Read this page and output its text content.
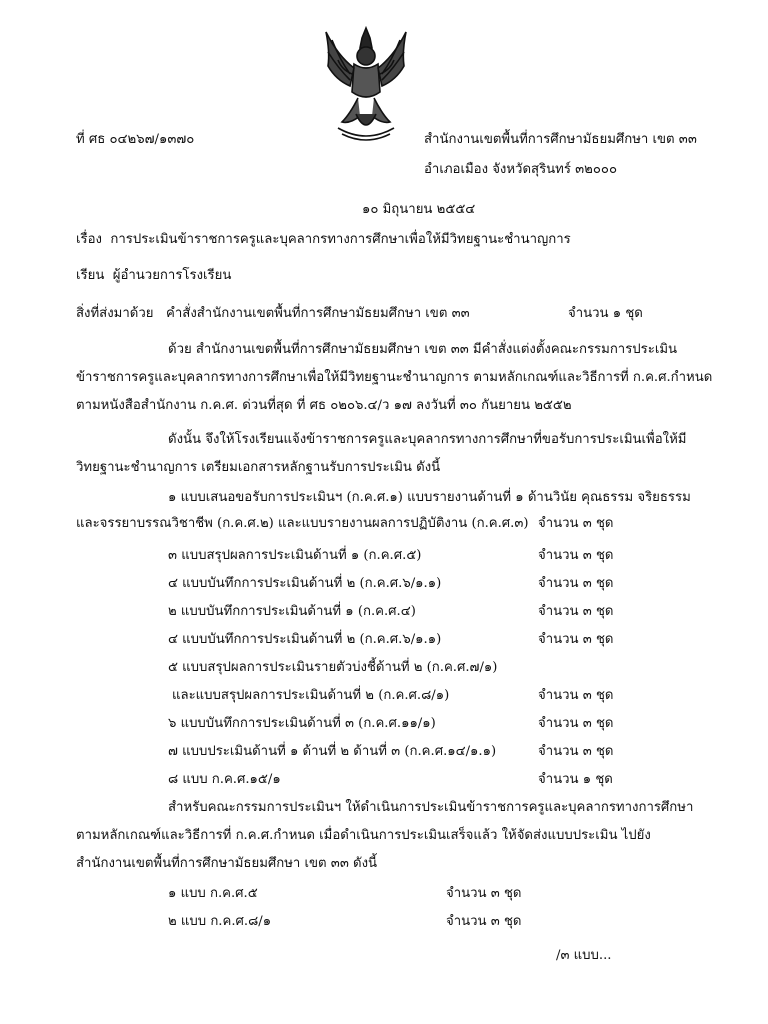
ที่ ศธ ๐๔๒๖๗/๑๓๗๐	สำนักงานเขตพื้นที่การศึกษามัธยมศึกษา เขต ๓๓
อำเภอเมือง จังหวัดสุรินทร์ ๓๒๐๐๐
๑๐ มิถุนายน ๒๕๕๔
เรื่อง การประเมินข้าราชการครูและบุคลากรทางการศึกษาเพื่อให้มีวิทยฐานะชำนาญการ
เรียน ผู้อำนวยการโรงเรียน
สิ่งที่ส่งมาด้วย คำสั่งสำนักงานเขตพื้นที่การศึกษามัธยมศึกษา เขต ๓๓	จำนวน ๑ ชุด
ด้วย สำนักงานเขตพื้นที่การศึกษามัธยมศึกษา เขต ๓๓ มีคำสั่งแต่งตั้งคณะกรรมการประเมิน
ข้าราชการครูและบุคลากรทางการศึกษาเพื่อให้มีวิทยฐานะชำนาญการ ตามหลักเกณฑ์และวิธีการที่ ก.ค.ศ.กำหนด
ตามหนังสือสำนักงาน ก.ค.ศ. ด่วนที่สุด ที่ ศธ ๐๒๐๖.๔/ว ๑๗ ลงวันที่ ๓๐ กันยายน ๒๕๕๒
ดังนั้น จึงให้โรงเรียนแจ้งข้าราชการครูและบุคลากรทางการศึกษาที่ขอรับการประเมินเพื่อให้มี
วิทยฐานะชำนาญการ เตรียมเอกสารหลักฐานรับการประเมิน ดังนี้
๑ แบบเสนอขอรับการประเมินฯ (ก.ค.ศ.๑) แบบรายงานด้านที่ ๑ ด้านวินัย คุณธรรม จริยธรรม
และจรรยาบรรณวิชาชีพ (ก.ค.ศ.๒) และแบบรายงานผลการปฏิบัติงาน (ก.ค.ศ.๓) จำนวน ๓ ชุด
๓ แบบสรุปผลการประเมินด้านที่ ๑ (ก.ค.ศ.๕)	จำนวน ๓ ชุด
๔ แบบบันทึกการประเมินด้านที่ ๒ (ก.ค.ศ.๖/๑.๑)	จำนวน ๓ ชุด
๒ แบบบันทึกการประเมินด้านที่ ๑ (ก.ค.ศ.๔)	จำนวน ๓ ชุด
๔ แบบบันทึกการประเมินด้านที่ ๒ (ก.ค.ศ.๖/๑.๑)	จำนวน ๓ ชุด
๕ แบบสรุปผลการประเมินรายตัวบ่งชี้ด้านที่ ๒ (ก.ค.ศ.๗/๑)
และแบบสรุปผลการประเมินด้านที่ ๒ (ก.ค.ศ.๘/๑)	จำนวน ๓ ชุด
๖ แบบบันทึกการประเมินด้านที่ ๓ (ก.ค.ศ.๑๑/๑)	จำนวน ๓ ชุด
๗ แบบประเมินด้านที่ ๑ ด้านที่ ๒ ด้านที่ ๓ (ก.ค.ศ.๑๔/๑.๑)	จำนวน ๓ ชุด
๘ แบบ ก.ค.ศ.๑๕/๑	จำนวน ๑ ชุด
สำหรับคณะกรรมการประเมินฯ ให้ดำเนินการประเมินข้าราชการครูและบุคลากรทางการศึกษา
ตามหลักเกณฑ์และวิธีการที่ ก.ค.ศ.กำหนด เมื่อดำเนินการประเมินเสร็จแล้ว ให้จัดส่งแบบประเมิน ไปยัง
สำนักงานเขตพื้นที่การศึกษามัธยมศึกษา เขต ๓๓ ดังนี้
๑ แบบ ก.ค.ศ.๕	จำนวน ๓ ชุด
๒ แบบ ก.ค.ศ.๘/๑	จำนวน ๓ ชุด
/๓ แบบ...
